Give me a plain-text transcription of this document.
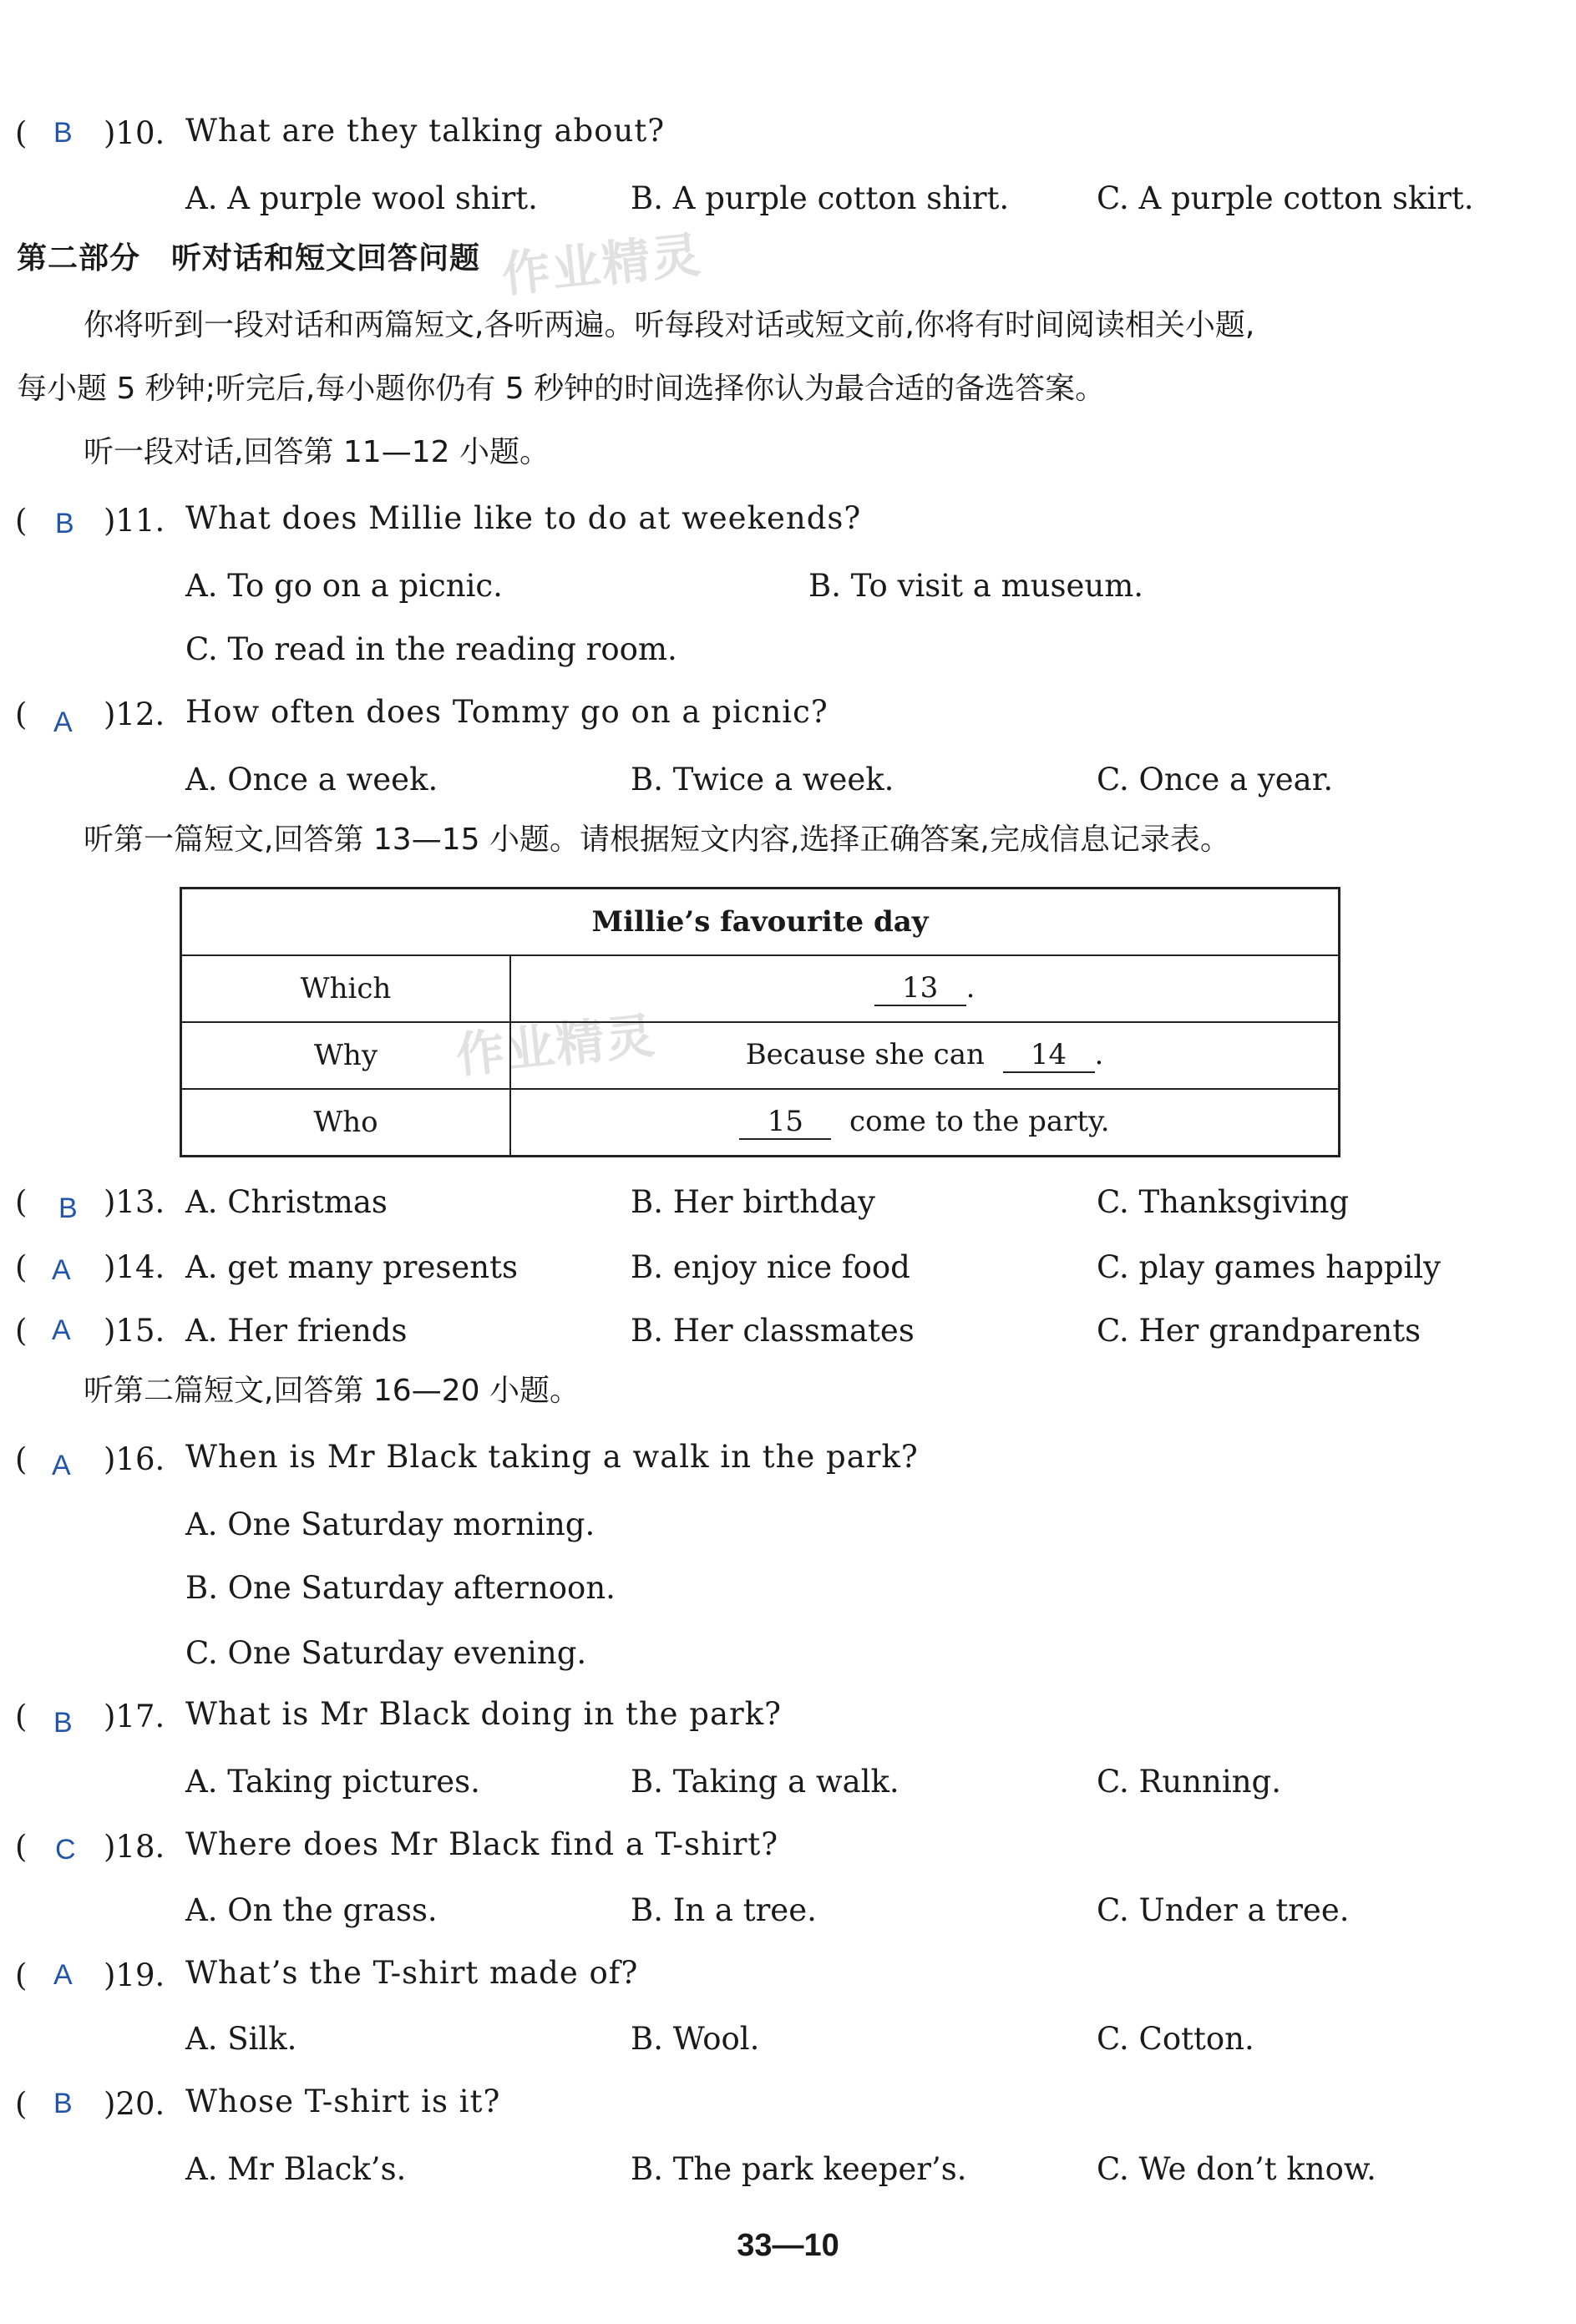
作业精灵
作业精灵
( B )10. What are they talking about?
A. A purple wool shirt.	B. A purple cotton shirt.	C. A purple cotton skirt.
第二部分　听对话和短文回答问题
你将听到一段对话和两篇短文,各听两遍。听每段对话或短文前,你将有时间阅读相关小题,
每小题 5 秒钟;听完后,每小题你仍有 5 秒钟的时间选择你认为最合适的备选答案。
听一段对话,回答第 11—12 小题。
( B )11. What does Millie like to do at weekends?
A. To go on a picnic.	B. To visit a museum.
C. To read in the reading room.
( A )12. How often does Tommy go on a picnic?
A. Once a week.	B. Twice a week.	C. Once a year.
听第一篇短文,回答第 13—15 小题。请根据短文内容,选择正确答案,完成信息记录表。
Millie’s favourite day	
Which	13 .
Why	Because she can 14 .
Who	15 come to the party.
( B )13. A. Christmas	B. Her birthday	C. Thanksgiving
( A )14. A. get many presents	B. enjoy nice food	C. play games happily
( A )15. A. Her friends	B. Her classmates	C. Her grandparents
听第二篇短文,回答第 16—20 小题。
( A )16. When is Mr Black taking a walk in the park?
A. One Saturday morning.
B. One Saturday afternoon.
C. One Saturday evening.
( B )17. What is Mr Black doing in the park?
A. Taking pictures.	B. Taking a walk.	C. Running.
( C )18. Where does Mr Black find a T-shirt?
A. On the grass.	B. In a tree.	C. Under a tree.
( A )19. What’s the T-shirt made of?
A. Silk.	B. Wool.	C. Cotton.
( B )20. Whose T-shirt is it?
A. Mr Black’s.	B. The park keeper’s.	C. We don’t know.
33—10
